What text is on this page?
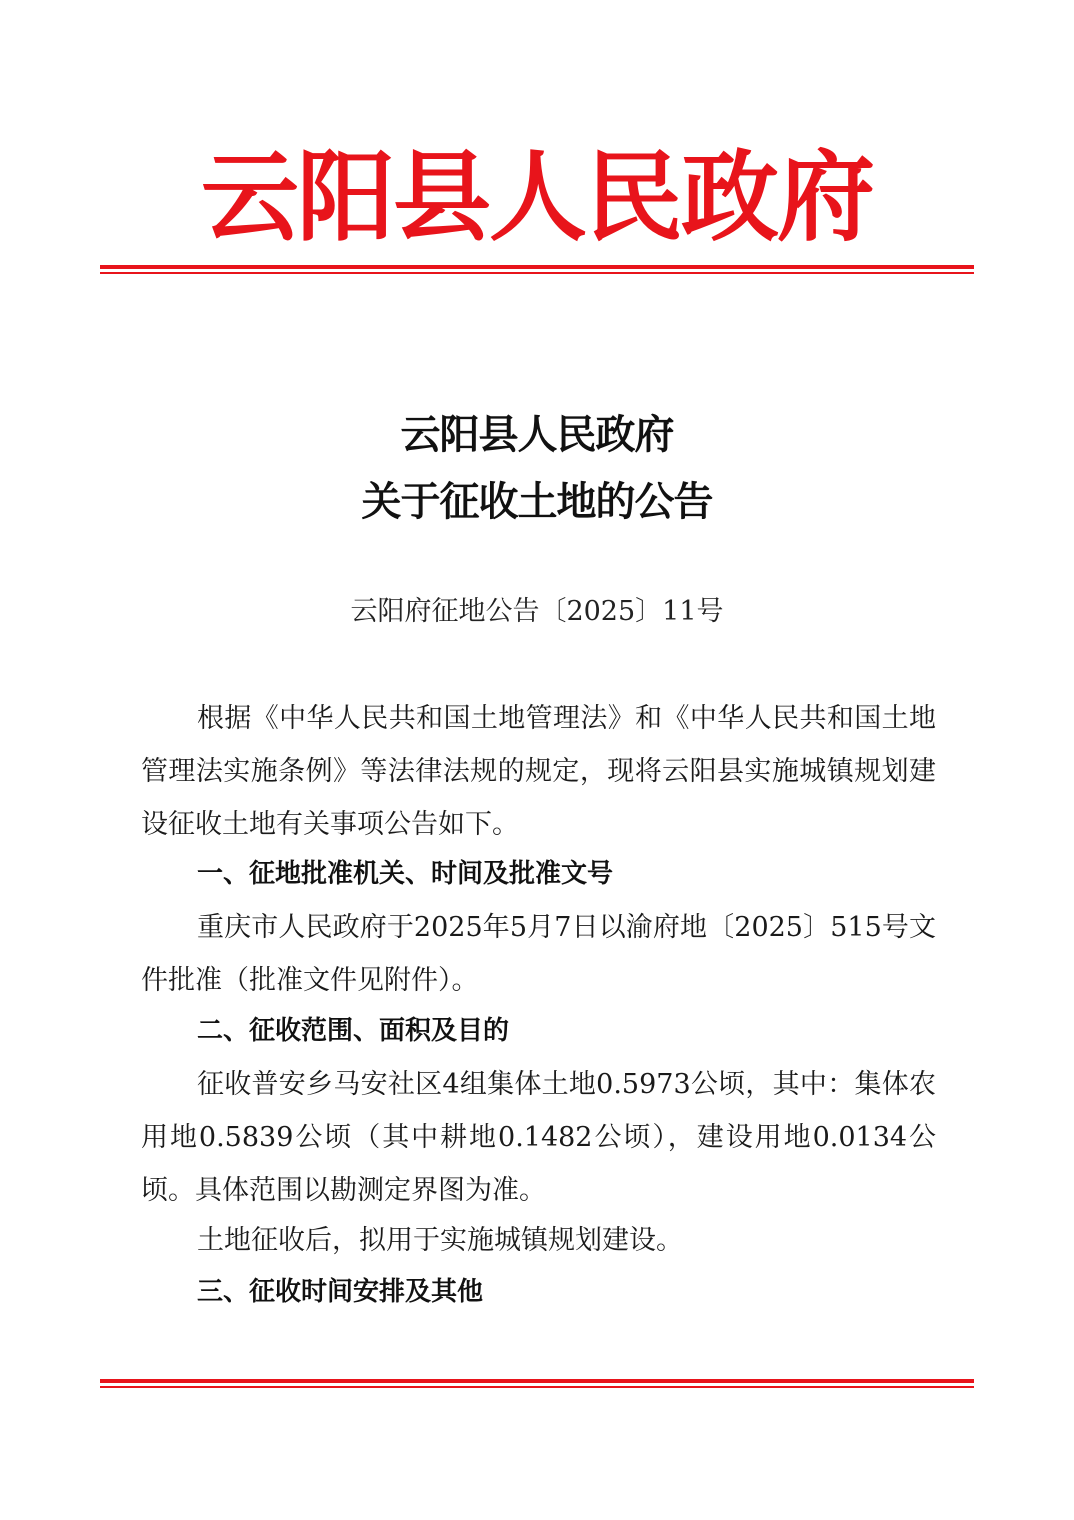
云阳县人民政府
云阳县人民政府
关于征收土地的公告
云阳府征地公告〔2025〕11号

根据《中华人民共和国土地管理法》和《中华人民共和国土地管理法实施条例》等法律法规的规定，现将云阳县实施城镇规划建设征收土地有关事项公告如下。

一、征地批准机关、时间及批准文号

重庆市人民政府于2025年5月7日以渝府地〔2025〕515号文件批准（批准文件见附件）。

二、征收范围、面积及目的

征收普安乡马安社区4组集体土地0.5973公顷，其中：集体农用地0.5839公顷（其中耕地0.1482公顷），建设用地0.0134公顷。具体范围以勘测定界图为准。

土地征收后，拟用于实施城镇规划建设。

三、征收时间安排及其他
